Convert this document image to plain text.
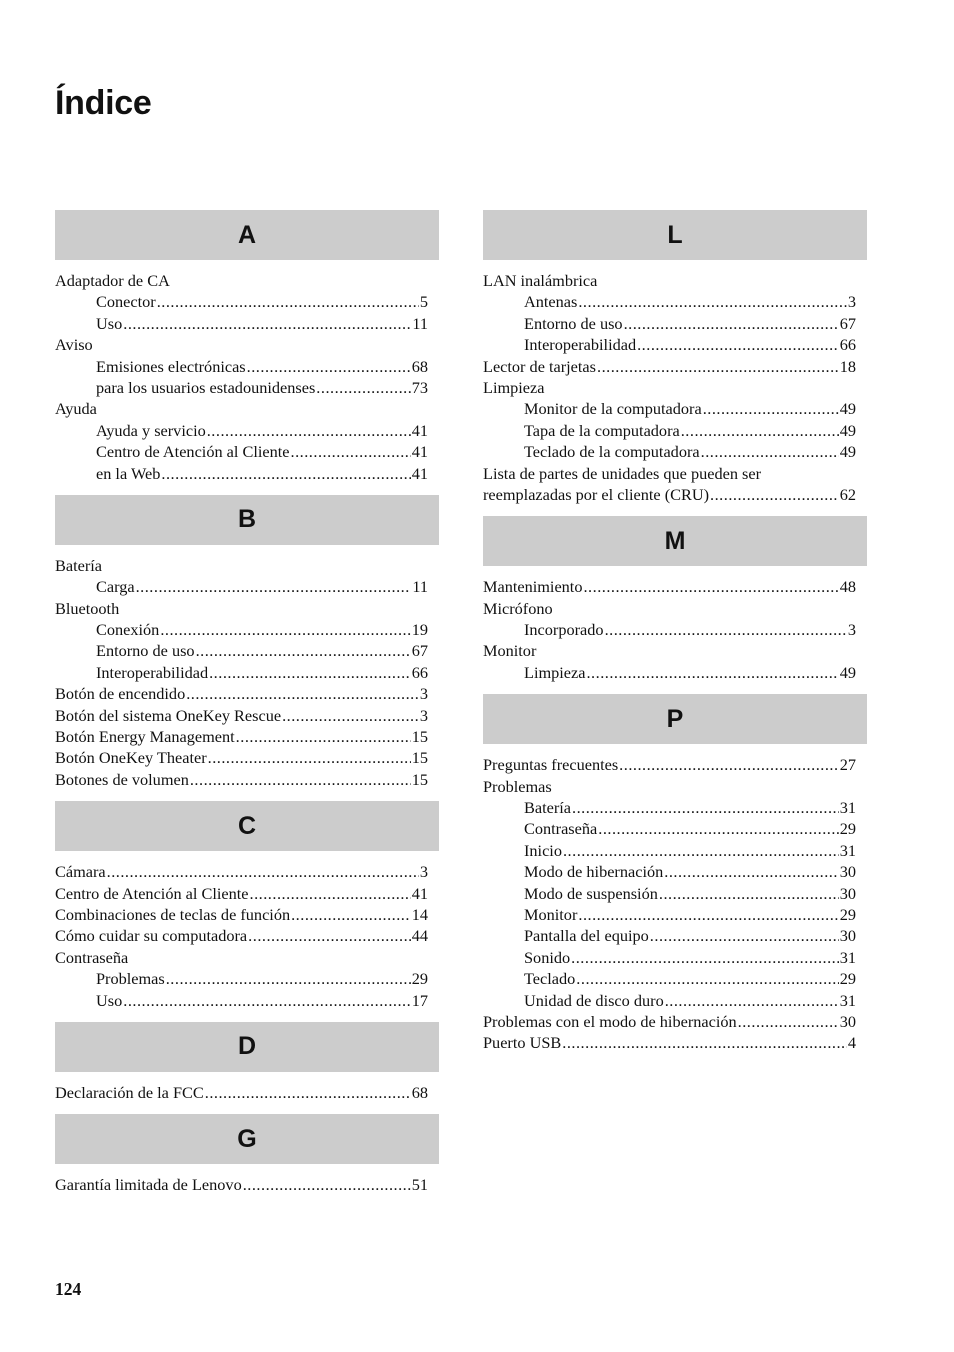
Índice
A
Adaptador de CA
Conector .....	5
Uso .....	11
Aviso
Emisiones electrónicas .....	68
para los usuarios estadounidenses .....	73
Ayuda
Ayuda y servicio .....	41
Centro de Atención al Cliente .....	41
en la Web .....	41
B
Batería
Carga .....	11
Bluetooth
Conexión .....	19
Entorno de uso .....	67
Interoperabilidad .....	66
Botón de encendido .....	3
Botón del sistema OneKey Rescue .....	3
Botón Energy Management .....	15
Botón OneKey Theater .....	15
Botones de volumen .....	15
C
Cámara .....	3
Centro de Atención al Cliente .....	41
Combinaciones de teclas de función .....	14
Cómo cuidar su computadora .....	44
Contraseña
Problemas .....	29
Uso .....	17
D
Declaración de la FCC .....	68
G
Garantía limitada de Lenovo .....	51
L
LAN inalámbrica
Antenas .....	3
Entorno de uso .....	67
Interoperabilidad .....	66
Lector de tarjetas .....	18
Limpieza
Monitor de la computadora .....	49
Tapa de la computadora .....	49
Teclado de la computadora .....	49
Lista de partes de unidades que pueden ser
reemplazadas por el cliente (CRU) .....	62
M
Mantenimiento .....	48
Micrófono
Incorporado .....	3
Monitor
Limpieza .....	49
P
Preguntas frecuentes .....	27
Problemas
Batería .....	31
Contraseña .....	29
Inicio .....	31
Modo de hibernación .....	30
Modo de suspensión .....	30
Monitor .....	29
Pantalla del equipo .....	30
Sonido .....	31
Teclado .....	29
Unidad de disco duro .....	31
Problemas con el modo de hibernación .....	30
Puerto USB .....	4
124
